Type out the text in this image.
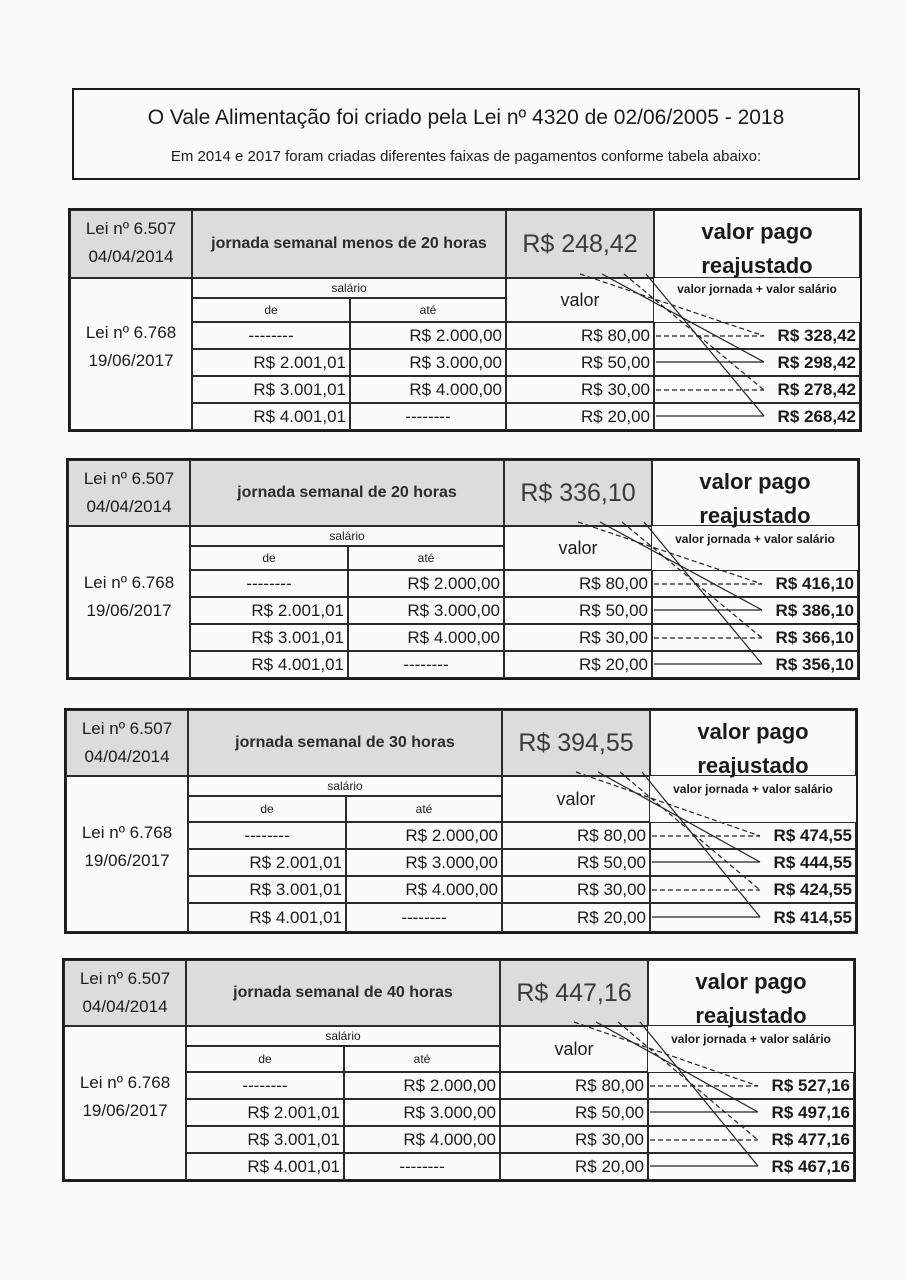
O Vale Alimentação foi criado pela Lei nº 4320 de 02/06/2005 - 2018
Em 2014 e 2017 foram criadas diferentes faixas de pagamentos conforme tabela abaixo:
Lei nº 6.507
04/04/2014
jornada semanal menos de 20 horas	R$ 248,42	valor pago
reajustado
valor jornada + valor salário
Lei nº 6.768
19/06/2017
salário
de	até
valor
--------	R$ 2.000,00	R$ 80,00	R$ 328,42
R$ 2.001,01	R$ 3.000,00	R$ 50,00	R$ 298,42
R$ 3.001,01	R$ 4.000,00	R$ 30,00	R$ 278,42
R$ 4.001,01	--------	R$ 20,00	R$ 268,42
Lei nº 6.507
04/04/2014
jornada semanal de 20 horas	R$ 336,10	valor pago
reajustado
valor jornada + valor salário
Lei nº 6.768
19/06/2017
salário
de	até
valor
--------	R$ 2.000,00	R$ 80,00	R$ 416,10
R$ 2.001,01	R$ 3.000,00	R$ 50,00	R$ 386,10
R$ 3.001,01	R$ 4.000,00	R$ 30,00	R$ 366,10
R$ 4.001,01	--------	R$ 20,00	R$ 356,10
Lei nº 6.507
04/04/2014
jornada semanal de 30 horas	R$ 394,55	valor pago
reajustado
valor jornada + valor salário
Lei nº 6.768
19/06/2017
salário
de	até
valor
--------	R$ 2.000,00	R$ 80,00	R$ 474,55
R$ 2.001,01	R$ 3.000,00	R$ 50,00	R$ 444,55
R$ 3.001,01	R$ 4.000,00	R$ 30,00	R$ 424,55
R$ 4.001,01	--------	R$ 20,00	R$ 414,55
Lei nº 6.507
04/04/2014
jornada semanal de 40 horas	R$ 447,16	valor pago
reajustado
valor jornada + valor salário
Lei nº 6.768
19/06/2017
salário
de	até
valor
--------	R$ 2.000,00	R$ 80,00	R$ 527,16
R$ 2.001,01	R$ 3.000,00	R$ 50,00	R$ 497,16
R$ 3.001,01	R$ 4.000,00	R$ 30,00	R$ 477,16
R$ 4.001,01	--------	R$ 20,00	R$ 467,16
